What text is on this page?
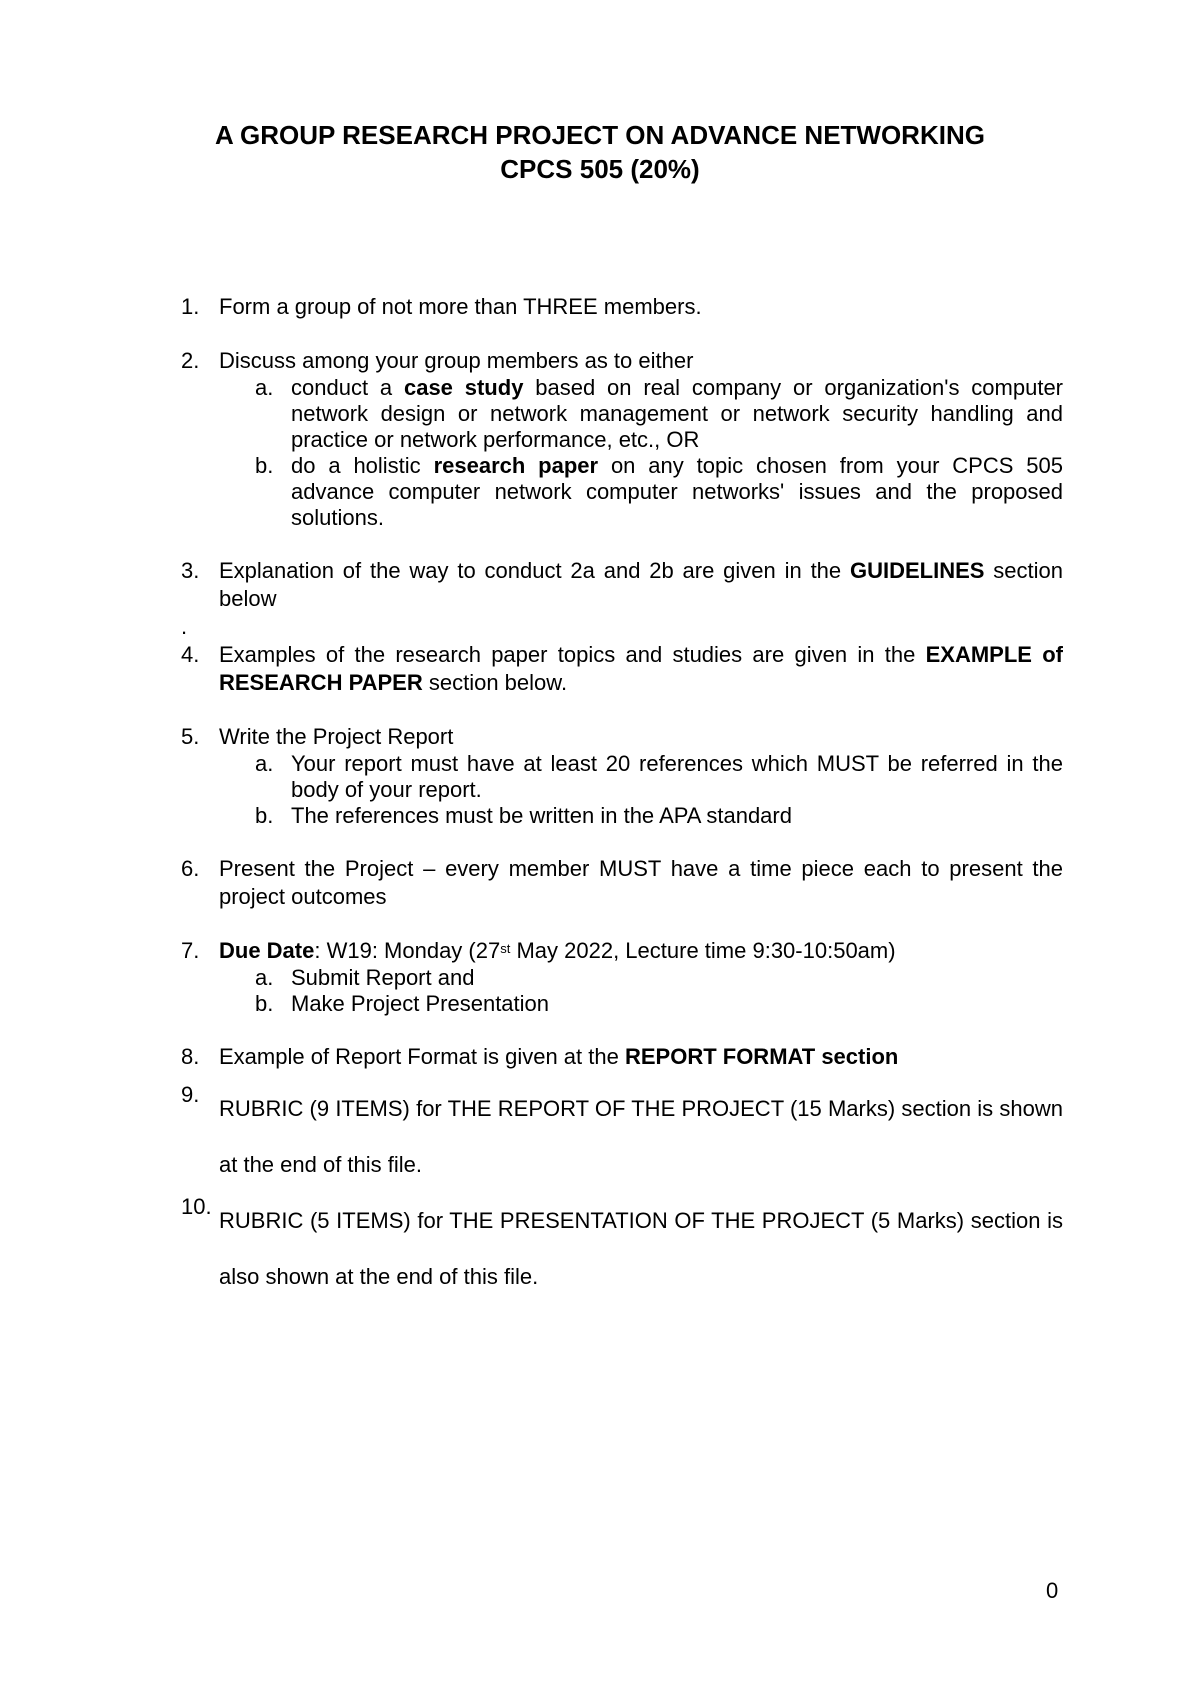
A GROUP RESEARCH PROJECT ON ADVANCE NETWORKING
CPCS 505 (20%)
1. Form a group of not more than THREE members.
2. Discuss among your group members as to either
a. conduct a case study based on real company or organization's computer network design or network management or network security handling and practice or network performance, etc., OR
b. do a holistic research paper on any topic chosen from your CPCS 505 advance computer network computer networks' issues and the proposed solutions.
3. Explanation of the way to conduct 2a and 2b are given in the GUIDELINES section below
.
4. Examples of the research paper topics and studies are given in the EXAMPLE of RESEARCH PAPER section below.
5. Write the Project Report
a. Your report must have at least 20 references which MUST be referred in the body of your report.
b. The references must be written in the APA standard
6. Present the Project – every member MUST have a time piece each to present the project outcomes
7. Due Date: W19: Monday (27st May 2022, Lecture time 9:30-10:50am)
a. Submit Report and
b. Make Project Presentation
8. Example of Report Format is given at the REPORT FORMAT section
9.
RUBRIC (9 ITEMS) for THE REPORT OF THE PROJECT (15 Marks) section is shown at the end of this file.
10.
RUBRIC (5 ITEMS) for THE PRESENTATION OF THE PROJECT (5 Marks) section is also shown at the end of this file.
0
